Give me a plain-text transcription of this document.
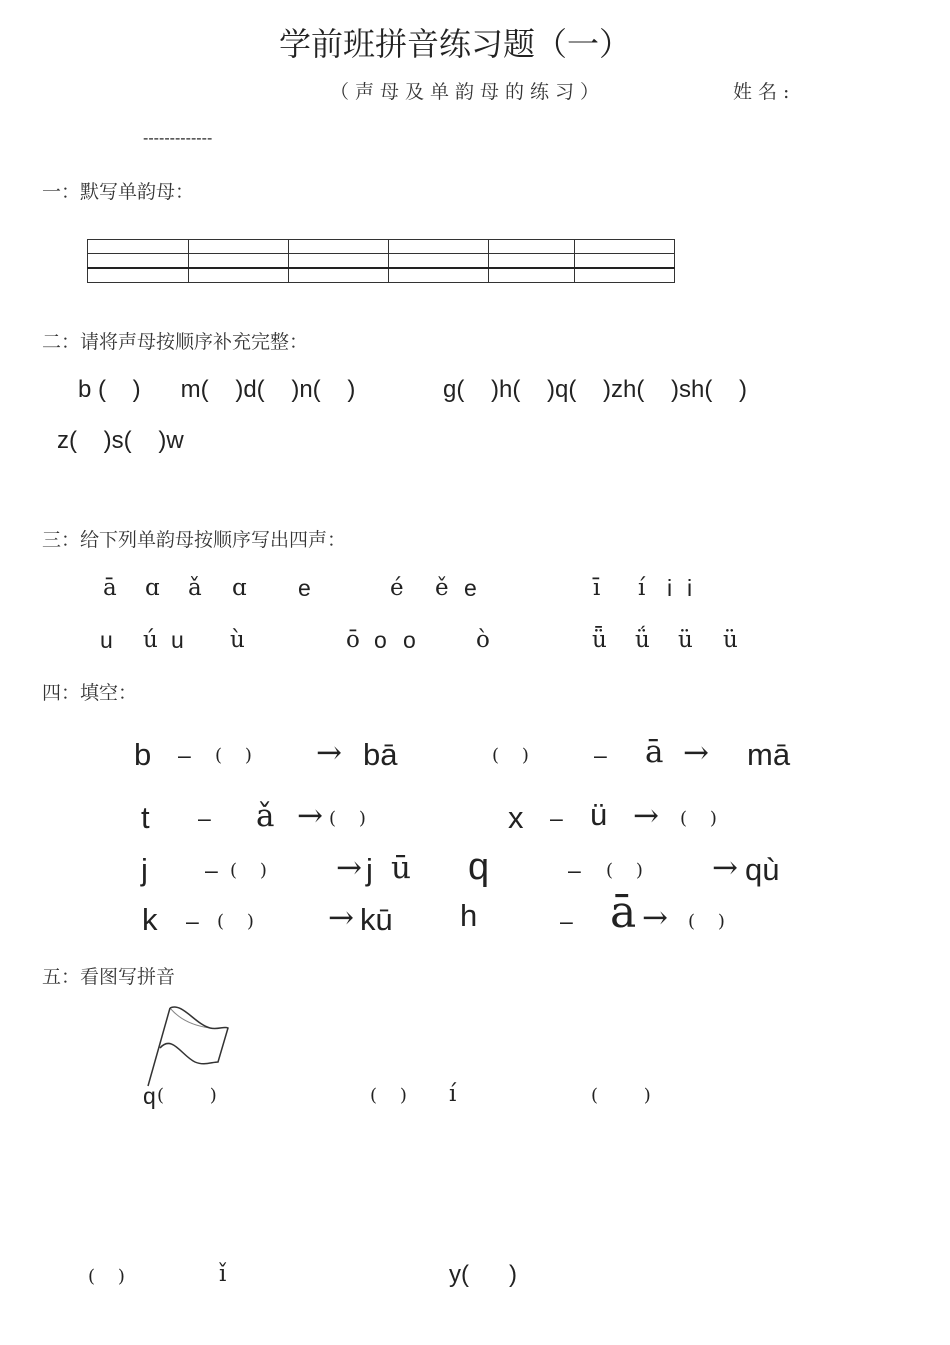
学前班拼音练习题（一）
（声母及单韵母的练习）	姓名:
-------------
一：默写单韵母：

二：请将声母按顺序补充完整：
b (    )      m(    )d(    )n(    )	g(    )h(    )q(    )zh(    )sh(    )
z(    )s(    )w
三：给下列单韵母按顺序写出四声：
ā ɑ ǎ ɑ e	é ě e	ī í i i
u ú u ù	ō o o	ò	ǖ ǘ ü ü
四：填空：
b – (    ) → bā	(    )	– ā → mā
t – ǎ → (    )	x – ü → (    )
j – (    ) → j ū q	– (    ) → qù
k – (    ) → kū h	– ā → (    )
五：看图写拼音
q (        )	(    ) í	(        )
(    )	ǐ	y(      )
